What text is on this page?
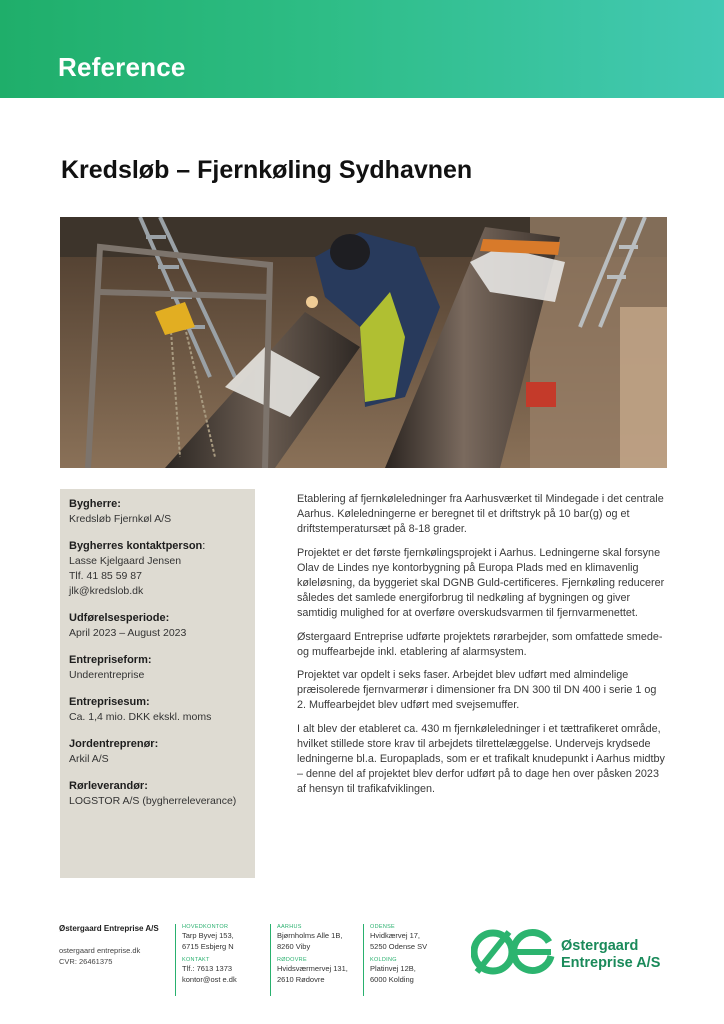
Reference
Kredsløb – Fjernkøling Sydhavnen
Bygherre:
Kredsløb Fjernkøl A/S
Bygherres kontaktperson:
Lasse Kjelgaard Jensen
Tlf. 41 85 59 87
jlk@kredslob.dk
Udførelsesperiode:
April 2023 – August 2023
Entrepriseform:
Underentreprise
Entreprisesum:
Ca. 1,4 mio. DKK ekskl. moms
Jordentreprenør:
Arkil A/S
Rørleverandør:
LOGSTOR A/S (bygherreleverance)

Etablering af fjernkøleledninger fra Aarhusværket til Mindegade i det centrale Aarhus. Køleledningerne er beregnet til et driftstryk på 10 bar(g) og et driftstemperatursæt på 8-18 grader.

Projektet er det første fjernkølingsprojekt i Aarhus. Ledningerne skal forsyne Olav de Lindes nye kontorbygning på Europa Plads med en klimavenlig køleløsning, da byggeriet skal DGNB Guld-certificeres. Fjernkøling reducerer således det samlede energiforbrug til nedkøling af bygningen og giver samtidig mulighed for at overføre overskudsvarmen til fjernvarmenettet.

Østergaard Entreprise udførte projektets rørarbejder, som omfattede smede- og muffearbejde inkl. etablering af alarmsystem.

Projektet var opdelt i seks faser. Arbejdet blev udført med almindelige præisolerede fjernvarmerør i dimensioner fra DN 300 til DN 400 i serie 1 og 2. Muffearbejdet blev udført med svejsemuffer.

I alt blev der etableret ca. 430 m fjernkøleledninger i et tættrafikeret område, hvilket stillede store krav til arbejdets tilrettelæggelse. Undervejs krydsede ledningerne bl.a. Europaplads, som er et trafikalt knudepunkt i Aarhus midtby – denne del af projektet blev derfor udført på to dage hen over påsken 2023 af hensyn til trafikafviklingen.

Østergaard Entreprise A/S
ostergaard entreprise.dk
CVR: 26461375
HOVEDKONTOR
Tarp Byvej 153,
6715 Esbjerg N
KONTAKT
Tlf.: 7613 1373
kontor@ost e.dk
AARHUS
Bjørnholms Alle 1B,
8260 Viby
RØDOVRE
Hvidsværmervej 131,
2610 Rødovre
ODENSE
Hvidkærvej 17,
5250 Odense SV
KOLDING
Platinvej 12B,
6000 Kolding
Østergaard
Entreprise A/S
